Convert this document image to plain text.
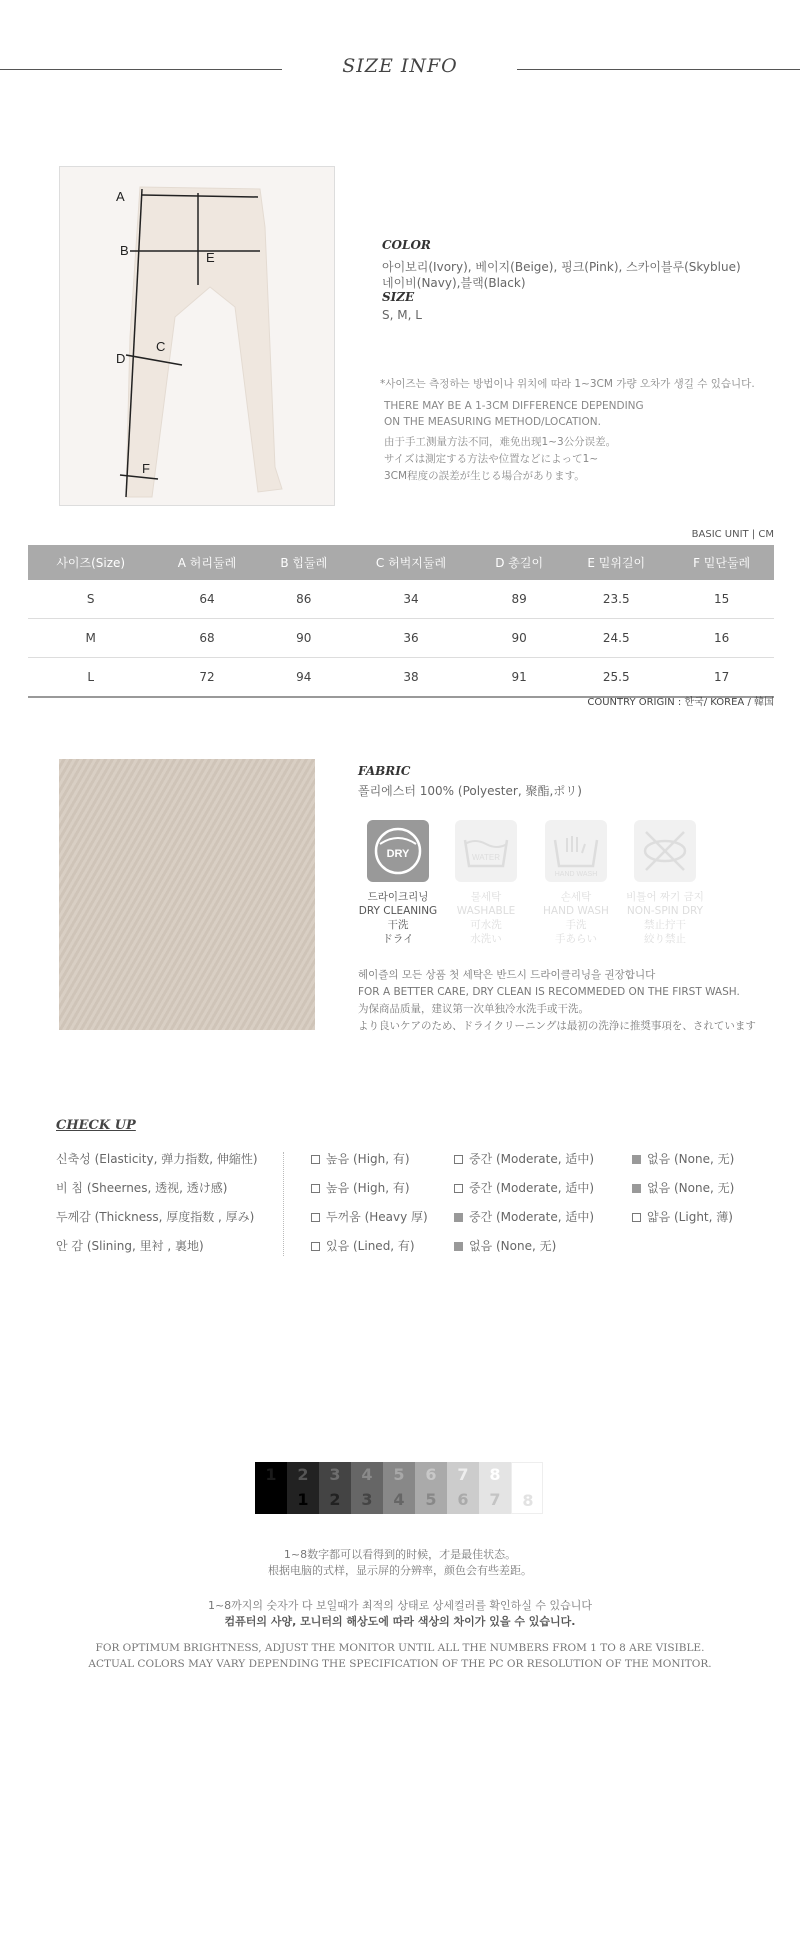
SIZE INFO
A
B	E
C
D
F
COLOR
아이보리(Ivory), 베이지(Beige), 핑크(Pink), 스카이블루(Skyblue)
네이비(Navy),블랙(Black)
SIZE
S, M, L
*사이즈는 측정하는 방법이나 위치에 따라 1~3CM 가량 오차가 생길 수 있습니다.
THERE MAY BE A 1-3CM DIFFERENCE DEPENDING
ON THE MEASURING METHOD/LOCATION.
由于手工测量方法不同，难免出现1~3公分误差。
サイズは測定する方法や位置などによって1~
3CM程度の誤差が生じる場合があります。
BASIC UNIT | CM
사이즈(Size)	A 허리둘레	B 힙둘레	C 허벅지둘레	D 총길이	E 밑위길이	F 밑단둘레
S	64	86	34	89	23.5	15
M	68	90	36	90	24.5	16
L	72	94	38	91	25.5	17
COUNTRY ORIGIN : 한국/ KOREA / 韓国
FABRIC
폴리에스터 100% (Polyester, 聚酯,ポリ)
DRY	WATER
HAND WASH
드라이크리닝
DRY CLEANING
干洗
ドライ
물세탁
WASHABLE
可水洗
水洗い
손세탁
HAND WASH
手洗
手あらい
비틀어 짜기 금지
NON-SPIN DRY
禁止拧干
絞り禁止
헤이즐의 모든 상품 첫 세탁은 반드시 드라이클리닝을 권장합니다
FOR A BETTER CARE, DRY CLEAN IS RECOMMEDED ON THE FIRST WASH.
为保商品质量，建议第一次单独冷水洗手或干洗。
より良いケアのため、ドライクリーニングは最初の洗浄に推奨事項を、されています
CHECK UP
신축성 (Elasticity, 弹力指数, 伸縮性)	높음 (High, 有)	중간 (Moderate, 适中)	없음 (None, 无)
비 침 (Sheernes, 透视, 透け感)	높음 (High, 有)	중간 (Moderate, 适中)	없음 (None, 无)
두께감 (Thickness, 厚度指数 , 厚み)	두꺼움 (Heavy 厚)	중간 (Moderate, 适中)	얇음 (Light, 薄)
안 감 (Slining, 里衬 , 裏地)	있음 (Lined, 有)	없음 (None, 无)
1	2
1
3
2
4
3
5
4
6
5
7
6
8
7	8
1~8数字都可以看得到的时候，才是最佳状态。
根据电脑的式样，显示屏的分辨率，颜色会有些差距。
1~8까지의 숫자가 다 보일때가 최적의 상태로 상세컬러를 확인하실 수 있습니다
컴퓨터의 사양, 모니터의 해상도에 따라 색상의 차이가 있을 수 있습니다.
FOR OPTIMUM BRIGHTNESS, ADJUST THE MONITOR UNTIL ALL THE NUMBERS FROM 1 TO 8 ARE VISIBLE.
ACTUAL COLORS MAY VARY DEPENDING THE SPECIFICATION OF THE PC OR RESOLUTION OF THE MONITOR.
